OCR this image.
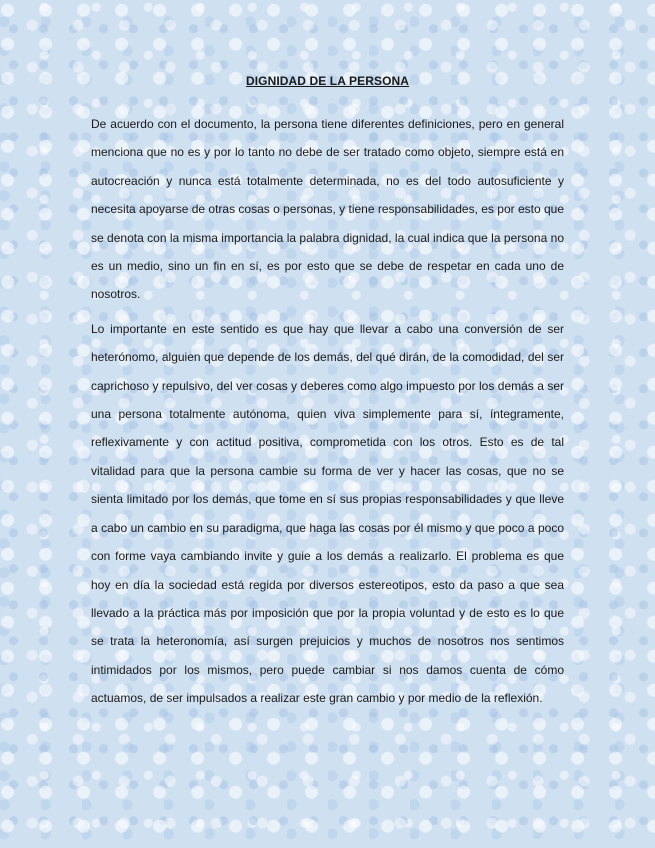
DIGNIDAD DE LA PERSONA

De acuerdo con el documento, la persona tiene diferentes definiciones, pero en general menciona que no es y por lo tanto no debe de ser tratado como objeto, siempre está en autocreación y nunca está totalmente determinada, no es del todo autosuficiente y necesita apoyarse de otras cosas o personas, y tiene responsabilidades, es por esto que se denota con la misma importancia la palabra dignidad, la cual indica que la persona no es un medio, sino un fin en sí, es por esto que se debe de respetar en cada uno de nosotros.

Lo importante en este sentido es que hay que llevar a cabo una conversión de ser heterónomo, alguien que depende de los demás, del qué dirán, de la comodidad, del ser caprichoso y repulsivo, del ver cosas y deberes como algo impuesto por los demás a ser una persona totalmente autónoma, quien viva simplemente para sí, íntegramente, reflexivamente y con actitud positiva, comprometida con los otros. Esto es de tal vitalidad para que la persona cambie su forma de ver y hacer las cosas, que no se sienta limitado por los demás, que tome en sí sus propias responsabilidades y que lleve a cabo un cambio en su paradigma, que haga las cosas por él mismo y que poco a poco con forme vaya cambiando invite y guie a los demás a realizarlo. El problema es que hoy en día la sociedad está regida por diversos estereotipos, esto da paso a que sea llevado a la práctica más por imposición que por la propia voluntad y de esto es lo que se trata la heteronomía, así surgen prejuicios y muchos de nosotros nos sentimos intimidados por los mismos, pero puede cambiar si nos damos cuenta de cómo actuamos, de ser impulsados a realizar este gran cambio y por medio de la reflexión.
